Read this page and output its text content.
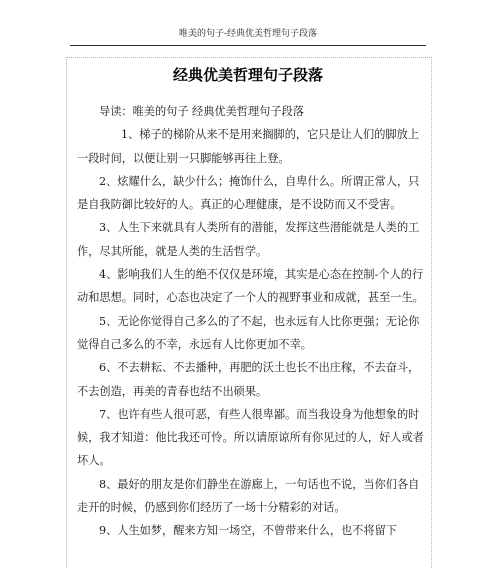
唯美的句子-经典优美哲理句子段落
经典优美哲理句子段落

导读：唯美的句子 经典优美哲理句子段落

1、梯子的梯阶从来不是用来搁脚的，它只是让人们的脚放上一段时间，以便让别一只脚能够再往上登。

2、炫耀什么，缺少什么；掩饰什么，自卑什么。所谓正常人，只是自我防御比较好的人。真正的心理健康，是不设防而又不受害。

3、人生下来就具有人类所有的潜能，发挥这些潜能就是人类的工作，尽其所能，就是人类的生活哲学。

4、影响我们人生的绝不仅仅是环境，其实是心态在控制-个人的行动和思想。同时，心态也决定了一个人的视野事业和成就，甚至一生。

5、无论你觉得自己多么的了不起，也永远有人比你更强；无论你觉得自己多么的不幸，永远有人比你更加不幸。

6、不去耕耘、不去播种，再肥的沃土也长不出庄稼，不去奋斗，不去创造，再美的青春也结不出硕果。

7、也许有些人很可恶，有些人很卑鄙。而当我设身为他想象的时候，我才知道：他比我还可怜。所以请原谅所有你见过的人，好人或者坏人。

8、最好的朋友是你们静坐在游廊上，一句话也不说，当你们各自走开的时候，仍感到你们经历了一场十分精彩的对话。

9、人生如梦，醒来方知一场空，不曾带来什么，也不将留下
